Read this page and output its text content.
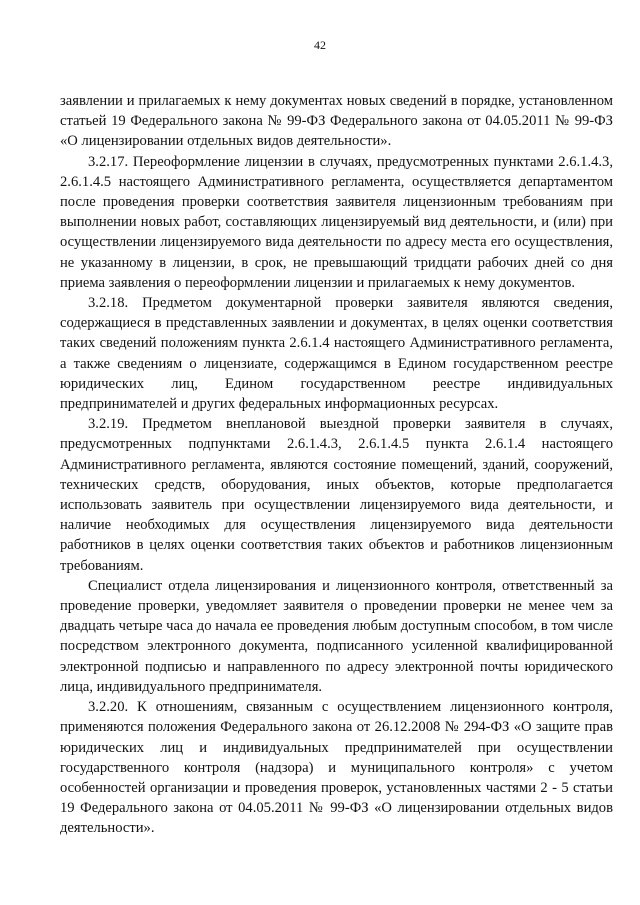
42

заявлении и прилагаемых к нему документах новых сведений в порядке, установленном статьей 19 Федерального закона № 99-ФЗ Федерального закона от 04.05.2011 № 99-ФЗ «О лицензировании отдельных видов деятельности».

3.2.17. Переоформление лицензии в случаях, предусмотренных пунктами 2.6.1.4.3, 2.6.1.4.5 настоящего Административного регламента, осуществляется департаментом после проведения проверки соответствия заявителя лицензионным требованиям при выполнении новых работ, составляющих лицензируемый вид деятельности, и (или) при осуществлении лицензируемого вида деятельности по адресу места его осуществления, не указанному в лицензии, в срок, не превышающий тридцати рабочих дней со дня приема заявления о переоформлении лицензии и прилагаемых к нему документов.

3.2.18. Предметом документарной проверки заявителя являются сведения, содержащиеся в представленных заявлении и документах, в целях оценки соответствия таких сведений положениям пункта 2.6.1.4 настоящего Административного регламента, а также сведениям о лицензиате, содержащимся в Едином государственном реестре юридических лиц, Едином государственном реестре индивидуальных предпринимателей и других федеральных информационных ресурсах.

3.2.19. Предметом внеплановой выездной проверки заявителя в случаях, предусмотренных подпунктами 2.6.1.4.3, 2.6.1.4.5 пункта 2.6.1.4 настоящего Административного регламента, являются состояние помещений, зданий, сооружений, технических средств, оборудования, иных объектов, которые предполагается использовать заявитель при осуществлении лицензируемого вида деятельности, и наличие необходимых для осуществления лицензируемого вида деятельности работников в целях оценки соответствия таких объектов и работников лицензионным требованиям.

Специалист отдела лицензирования и лицензионного контроля, ответственный за проведение проверки, уведомляет заявителя о проведении проверки не менее чем за двадцать четыре часа до начала ее проведения любым доступным способом, в том числе посредством электронного документа, подписанного усиленной квалифицированной электронной подписью и направленного по адресу электронной почты юридического лица, индивидуального предпринимателя.

3.2.20. К отношениям, связанным с осуществлением лицензионного контроля, применяются положения Федерального закона от 26.12.2008 № 294-ФЗ «О защите прав юридических лиц и индивидуальных предпринимателей при осуществлении государственного контроля (надзора) и муниципального контроля» с учетом особенностей организации и проведения проверок, установленных частями 2 - 5 статьи 19 Федерального закона от 04.05.2011 № 99-ФЗ «О лицензировании отдельных видов деятельности».
